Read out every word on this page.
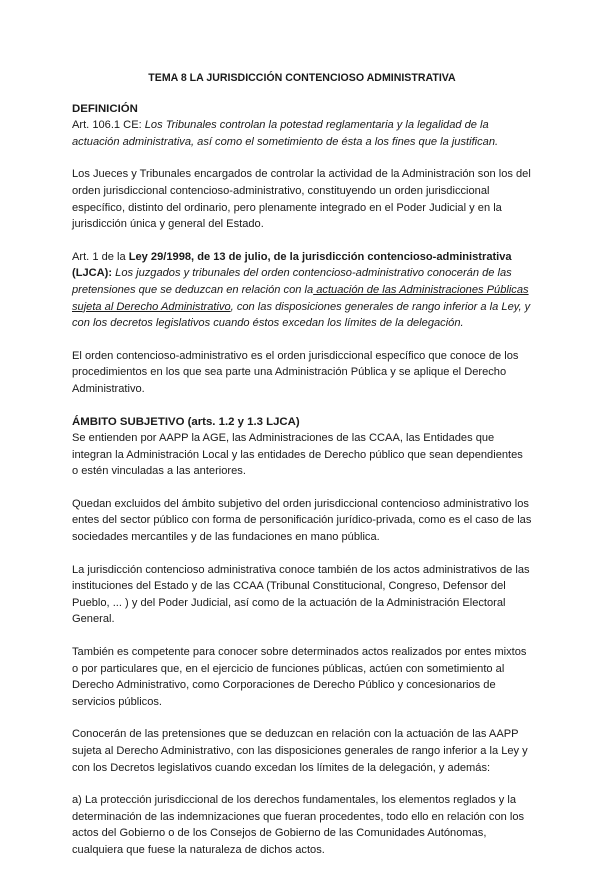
TEMA 8 LA JURISDICCIÓN CONTENCIOSO ADMINISTRATIVA
DEFINICIÓN

Art. 106.1 CE: Los Tribunales controlan la potestad reglamentaria y la legalidad de la actuación administrativa, así como el sometimiento de ésta a los fines que la justifican.

Los Jueces y Tribunales encargados de controlar la actividad de la Administración son los del orden jurisdiccional contencioso-administrativo, constituyendo un orden jurisdiccional específico, distinto del ordinario, pero plenamente integrado en el Poder Judicial y en la jurisdicción única y general del Estado.

Art. 1 de la Ley 29/1998, de 13 de julio, de la jurisdicción contencioso-administrativa (LJCA): Los juzgados y tribunales del orden contencioso-administrativo conocerán de las pretensiones que se deduzcan en relación con la actuación de las Administraciones Públicas sujeta al Derecho Administrativo, con las disposiciones generales de rango inferior a la Ley, y con los decretos legislativos cuando éstos excedan los límites de la delegación.

El orden contencioso-administrativo es el orden jurisdiccional específico que conoce de los procedimientos en los que sea parte una Administración Pública y se aplique el Derecho Administrativo.

ÁMBITO SUBJETIVO (arts. 1.2 y 1.3 LJCA)

Se entienden por AAPP la AGE, las Administraciones de las CCAA, las Entidades que integran la Administración Local y las entidades de Derecho público que sean dependientes o estén vinculadas a las anteriores.

Quedan excluidos del ámbito subjetivo del orden jurisdiccional contencioso administrativo los entes del sector público con forma de personificación jurídico-privada, como es el caso de las sociedades mercantiles y de las fundaciones en mano pública.

La jurisdicción contencioso administrativa conoce también de los actos administrativos de las instituciones del Estado y de las CCAA (Tribunal Constitucional, Congreso, Defensor del Pueblo, ... ) y del Poder Judicial, así como de la actuación de la Administración Electoral General.

También es competente para conocer sobre determinados actos realizados por entes mixtos o por particulares que, en el ejercicio de funciones públicas, actúen con sometimiento al Derecho Administrativo, como Corporaciones de Derecho Público y concesionarios de servicios públicos.

Conocerán de las pretensiones que se deduzcan en relación con la actuación de las AAPP sujeta al Derecho Administrativo, con las disposiciones generales de rango inferior a la Ley y con los Decretos legislativos cuando excedan los límites de la delegación, y además:

a) La protección jurisdiccional de los derechos fundamentales, los elementos reglados y la determinación de las indemnizaciones que fueran procedentes, todo ello en relación con los actos del Gobierno o de los Consejos de Gobierno de las Comunidades Autónomas, cualquiera que fuese la naturaleza de dichos actos.
